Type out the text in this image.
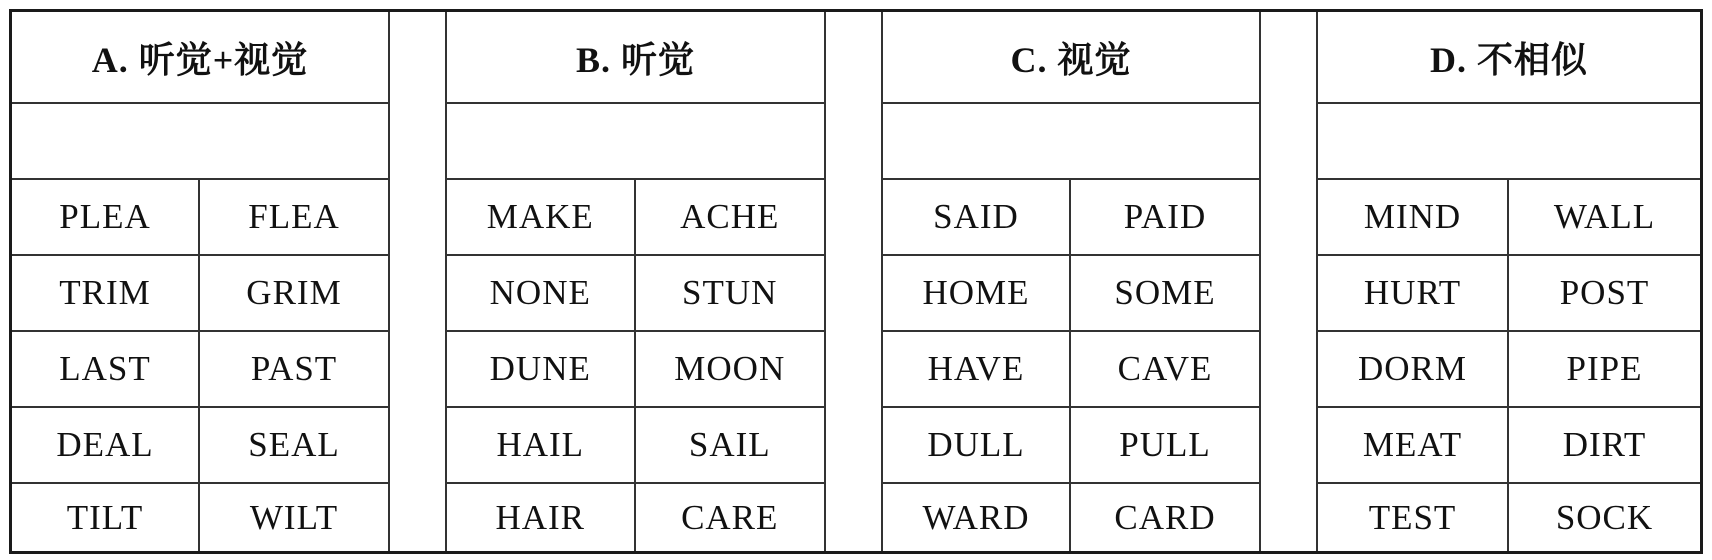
A. 听觉+视觉
PLEA	FLEA
TRIM	GRIM
LAST	PAST
DEAL	SEAL
TILT	WILT
B. 听觉
MAKE	ACHE
NONE	STUN
DUNE	MOON
HAIL	SAIL
HAIR	CARE
C. 视觉
SAID	PAID
HOME	SOME
HAVE	CAVE
DULL	PULL
WARD	CARD
D. 不相似
MIND	WALL
HURT	POST
DORM	PIPE
MEAT	DIRT
TEST	SOCK
